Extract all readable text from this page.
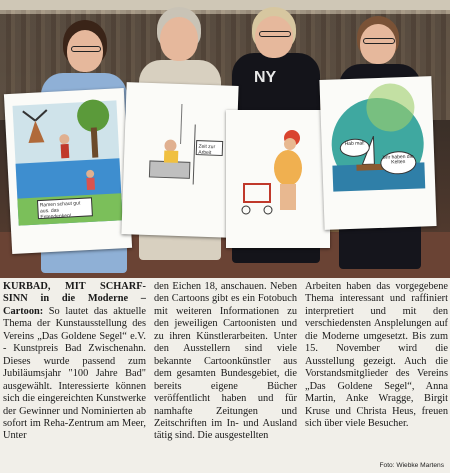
NY
Ramen schaut gut aus. das Entendenken!
Zeit zur Arbeit
Hab mal!
Wir haben die Kelten
KURBAD, MIT SCHARF-SINN in die Moderne – Cartoon: So lautet das aktuelle Thema der Kunstausstellung des Vereins „Das Goldene Segel“ e.V. - Kunstpreis Bad Zwischenahn. Dieses wurde passend zum Jubiläumsjahr "100 Jahre Bad" ausgewählt. Interessierte können sich die eingereichten Kunstwerke der Gewinner und Nominierten ab sofort im Reha-Zentrum am Meer, Unter
den Eichen 18, anschauen. Neben den Cartoons gibt es ein Fotobuch mit weiteren Informationen zu den jeweiligen Cartoonisten und zu ihren Künstlerarbeiten. Unter den Ausstellern sind viele bekannte Cartoonkünstler aus dem gesamten Bundesgebiet, die bereits eigene Bücher veröffentlicht haben und für namhafte Zeitungen und Zeitschriften im In- und Ausland tätig sind. Die ausgestellten
Arbeiten haben das vorgegebene Thema interessant und raffiniert interpretiert und mit den verschiedensten Ansplelungen auf die Moderne umgesetzt. Bis zum 15. November wird die Ausstellung gezeigt. Auch die Vorstandsmitglieder des Vereins „Das Goldene Segel“, Anna Martin, Anke Wragge, Birgit Kruse und Christa Heus, freuen sich über viele Besucher.
Foto: Wiebke Martens
